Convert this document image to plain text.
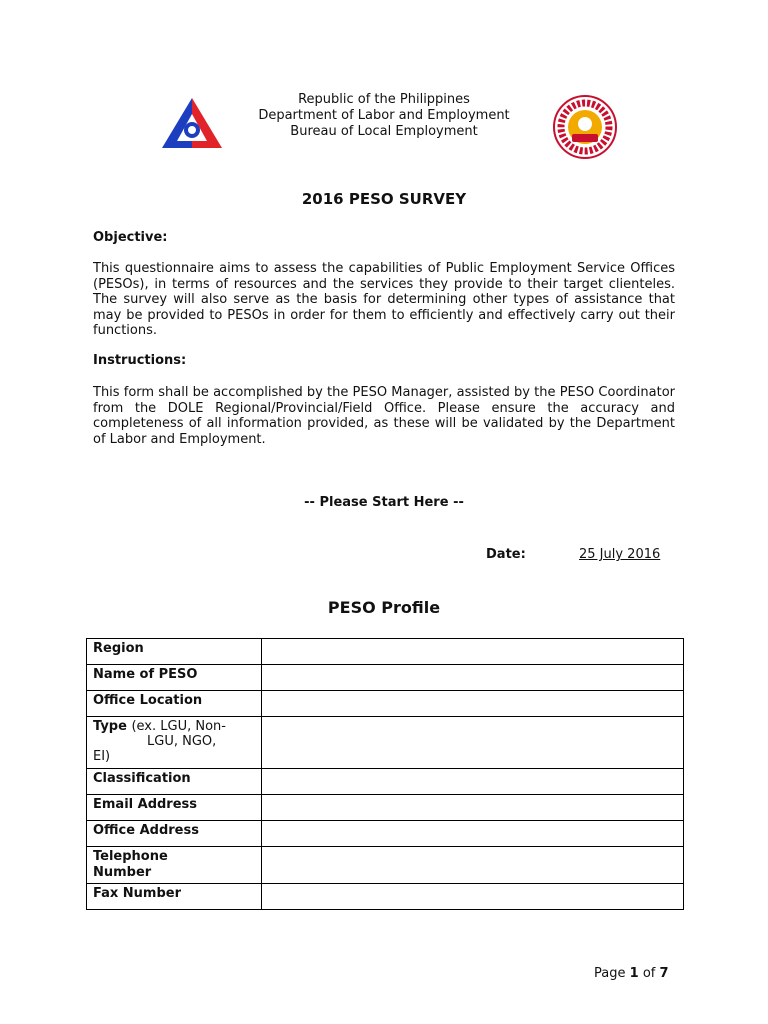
Republic of the Philippines
Department of Labor and Employment
Bureau of Local Employment
2016 PESO SURVEY
Objective:
This questionnaire aims to assess the capabilities of Public Employment Service Offices (PESOs), in terms of resources and the services they provide to their target clienteles. The survey will also serve as the basis for determining other types of assistance that may be provided to PESOs in order for them to efficiently and effectively carry out their functions.
Instructions:
This form shall be accomplished by the PESO Manager, assisted by the PESO Coordinator from the DOLE Regional/Provincial/Field Office. Please ensure the accuracy and completeness of all information provided, as these will be validated by the Department of Labor and Employment.
-- Please Start Here --
Date:	25 July 2016
PESO Profile
Region	
Name of PESO	
Office Location	
Type (ex. LGU, Non-
LGU, NGO,
EI)	
Classification	
Email Address	
Office Address	

Telephone
Number	

Fax Number	
Page 1 of 7
